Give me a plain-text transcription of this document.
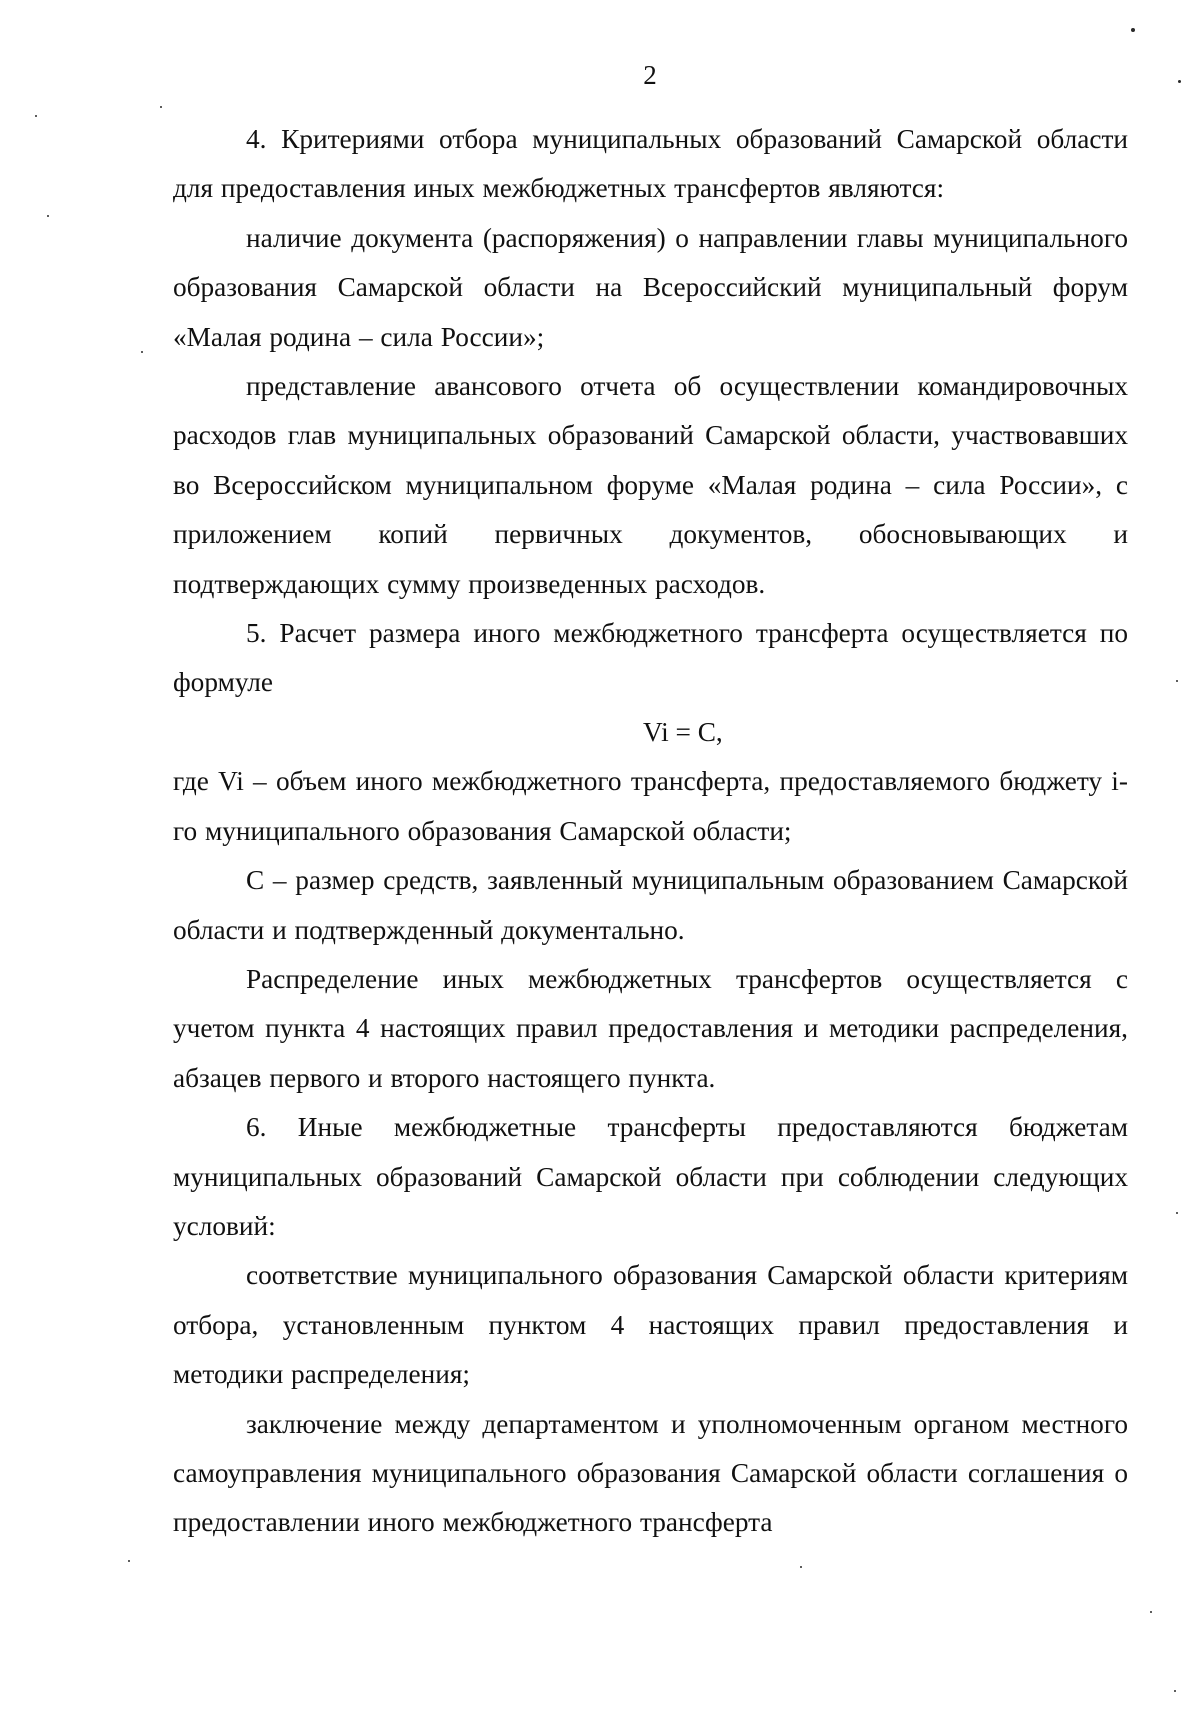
2

4. Критериями отбора муниципальных образований Самарской области для предоставления иных межбюджетных трансфертов являются:

наличие документа (распоряжения) о направлении главы муниципального образования Самарской области на Всероссийский муниципальный форум «Малая родина – сила России»;

представление авансового отчета об осуществлении командировочных расходов глав муниципальных образований Самарской области, участвовавших во Всероссийском муниципальном форуме «Малая родина – сила России», с приложением копий первичных документов, обосновывающих и подтверждающих сумму произведенных расходов.

5. Расчет размера иного межбюджетного трансферта осуществляется по формуле

Vi = C,

где Vi – объем иного межбюджетного трансферта, предоставляемого бюджету i-го муниципального образования Самарской области;

C – размер средств, заявленный муниципальным образованием Самарской области и подтвержденный документально.

Распределение иных межбюджетных трансфертов осуществляется с учетом пункта 4 настоящих правил предоставления и методики распределения, абзацев первого и второго настоящего пункта.

6. Иные межбюджетные трансферты предоставляются бюджетам муниципальных образований Самарской области при соблюдении следующих условий:

соответствие муниципального образования Самарской области критериям отбора, установленным пунктом 4 настоящих правил предоставления и методики распределения;

заключение между департаментом и уполномоченным органом местного самоуправления муниципального образования Самарской области соглашения о предоставлении иного межбюджетного трансферта
